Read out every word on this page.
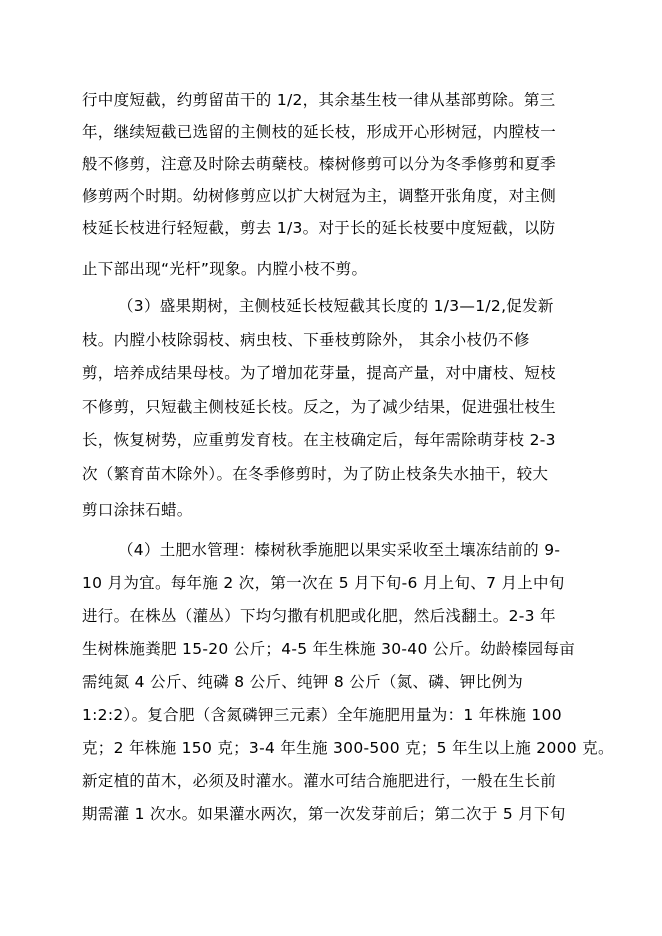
行中度短截，约剪留苗干的 1/2，其余基生枝一律从基部剪除。第三
年，继续短截已选留的主侧枝的延长枝，形成开心形树冠，内膛枝一
般不修剪，注意及时除去萌蘖枝。榛树修剪可以分为冬季修剪和夏季
修剪两个时期。幼树修剪应以扩大树冠为主，调整开张角度，对主侧
枝延长枝进行轻短截，剪去 1/3。对于长的延长枝要中度短截，以防
止下部出现“光杆”现象。内膛小枝不剪。
（3）盛果期树，主侧枝延长枝短截其长度的 1/3—1/2,促发新
枝。内膛小枝除弱枝、病虫枝、下垂枝剪除外， 其余小枝仍不修
剪，培养成结果母枝。为了增加花芽量，提高产量，对中庸枝、短枝
不修剪，只短截主侧枝延长枝。反之，为了减少结果，促进强壮枝生
长，恢复树势，应重剪发育枝。在主枝确定后，每年需除萌芽枝 2-3
次（繁育苗木除外）。在冬季修剪时，为了防止枝条失水抽干，较大
剪口涂抹石蜡。
（4）土肥水管理：榛树秋季施肥以果实采收至土壤冻结前的 9-
10 月为宜。每年施 2 次，第一次在 5 月下旬-6 月上旬、7 月上中旬
进行。在株丛（灌丛）下均匀撒有机肥或化肥，然后浅翻土。2-3 年
生树株施粪肥 15-20 公斤；4-5 年生株施 30-40 公斤。幼龄榛园每亩
需纯氮 4 公斤、纯磷 8 公斤、纯钾 8 公斤（氮、磷、钾比例为
1:2:2）。复合肥（含氮磷钾三元素）全年施肥用量为：1 年株施 100
克；2 年株施 150 克；3-4 年生施 300-500 克；5 年生以上施 2000 克。
新定植的苗木，必须及时灌水。灌水可结合施肥进行，一般在生长前
期需灌 1 次水。如果灌水两次，第一次发芽前后；第二次于 5 月下旬
